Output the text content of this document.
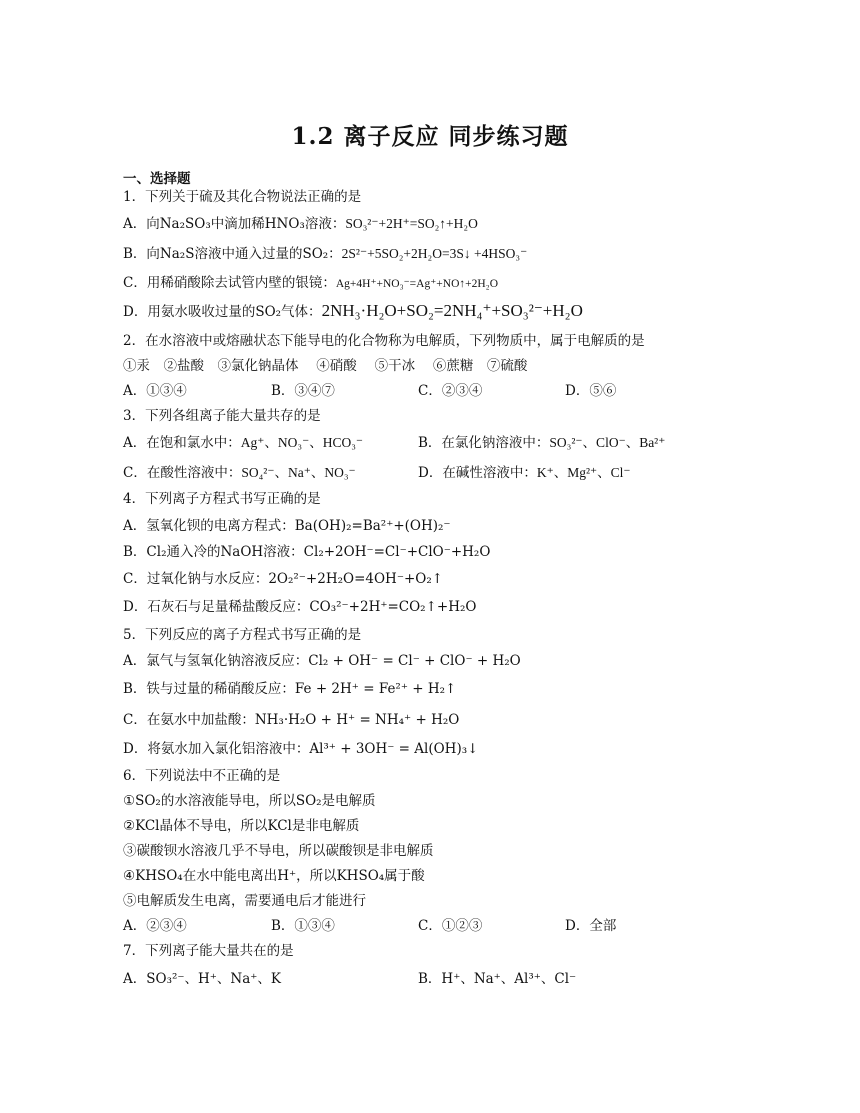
1.2 离子反应 同步练习题
一、选择题
1．下列关于硫及其化合物说法正确的是
A．向Na₂SO₃中滴加稀HNO₃溶液：SO₃²⁻+2H⁺=SO₂↑+H₂O
B．向Na₂S溶液中通入过量的SO₂：2S²⁻+5SO₂+2H₂O=3S↓ +4HSO₃⁻
C．用稀硝酸除去试管内壁的银镜：Ag+4H⁺+NO₃⁻=Ag⁺+NO↑+2H₂O
D．用氨水吸收过量的SO₂气体：2NH₃·H₂O+SO₂=2NH₄⁺+SO₃²⁻+H₂O
2．在水溶液中或熔融状态下能导电的化合物称为电解质，下列物质中，属于电解质的是
①汞　②盐酸　③氯化钠晶体　 ④硝酸　 ⑤干冰　 ⑥蔗糖　⑦硫酸
A．①③④	B．③④⑦	C．②③④	D．⑤⑥
3．下列各组离子能大量共存的是
A．在饱和氯水中：Ag⁺、NO₃⁻、HCO₃⁻	B．在氯化钠溶液中：SO₃²⁻、ClO⁻、Ba²⁺
C．在酸性溶液中：SO₄²⁻、Na⁺、NO₃⁻	D．在碱性溶液中：K⁺、Mg²⁺、Cl⁻
4．下列离子方程式书写正确的是
A．氢氧化钡的电离方程式：Ba(OH)₂=Ba²⁺+(OH)₂⁻
B．Cl₂通入冷的NaOH溶液：Cl₂+2OH⁻=Cl⁻+ClO⁻+H₂O
C．过氧化钠与水反应：2O₂²⁻+2H₂O=4OH⁻+O₂↑
D．石灰石与足量稀盐酸反应：CO₃²⁻+2H⁺=CO₂↑+H₂O
5．下列反应的离子方程式书写正确的是
A．氯气与氢氧化钠溶液反应：Cl₂ + OH⁻ = Cl⁻ + ClO⁻ + H₂O
B．铁与过量的稀硝酸反应：Fe + 2H⁺ = Fe²⁺ + H₂↑
C．在氨水中加盐酸：NH₃·H₂O + H⁺ = NH₄⁺ + H₂O
D．将氨水加入氯化铝溶液中：Al³⁺ + 3OH⁻ = Al(OH)₃↓
6．下列说法中不正确的是
①SO₂的水溶液能导电，所以SO₂是电解质
②KCl晶体不导电，所以KCl是非电解质
③碳酸钡水溶液几乎不导电，所以碳酸钡是非电解质
④KHSO₄在水中能电离出H⁺，所以KHSO₄属于酸
⑤电解质发生电离，需要通电后才能进行
A．②③④	B．①③④	C．①②③	D．全部
7．下列离子能大量共在的是
A．SO₃²⁻、H⁺、Na⁺、K	B．H⁺、Na⁺、Al³⁺、Cl⁻
